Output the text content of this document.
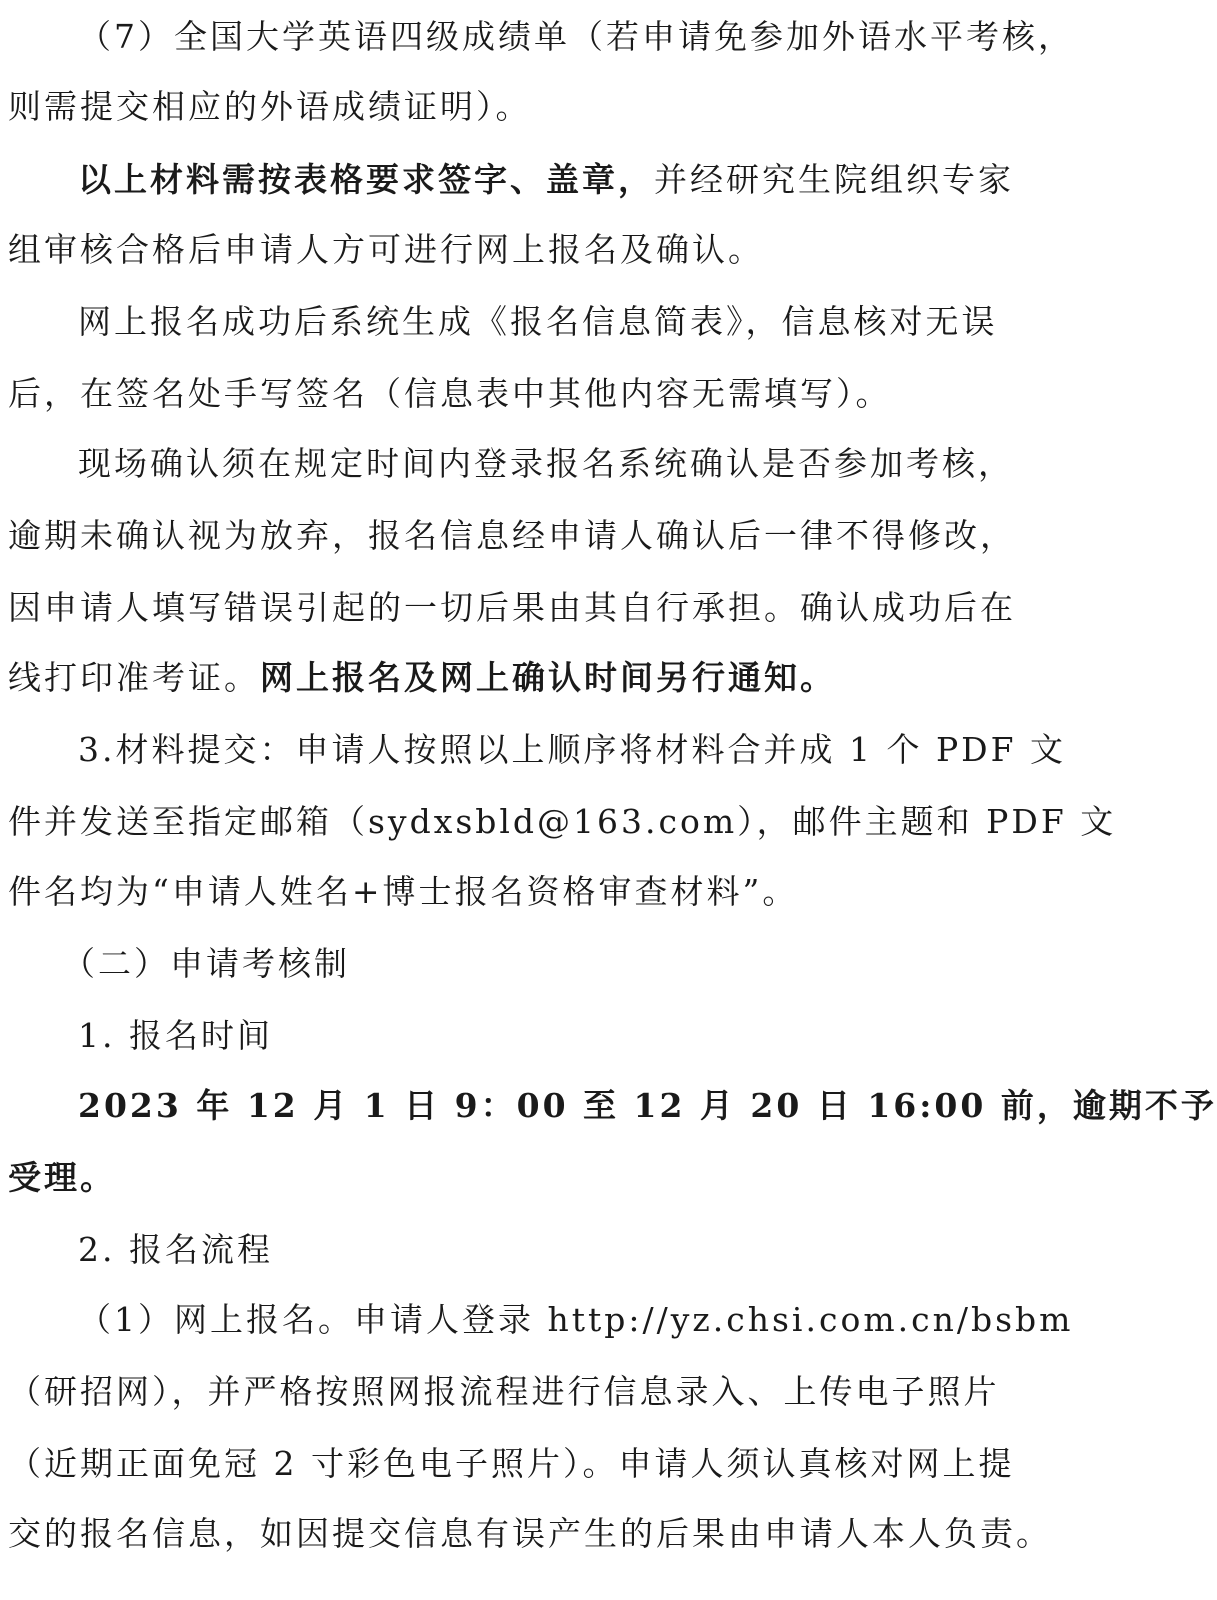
（7）全国大学英语四级成绩单（若申请免参加外语水平考核，
则需提交相应的外语成绩证明）。
以上材料需按表格要求签字、盖章，并经研究生院组织专家
组审核合格后申请人方可进行网上报名及确认。
网上报名成功后系统生成《报名信息简表》，信息核对无误
后，在签名处手写签名（信息表中其他内容无需填写）。
现场确认须在规定时间内登录报名系统确认是否参加考核，
逾期未确认视为放弃，报名信息经申请人确认后一律不得修改，
因申请人填写错误引起的一切后果由其自行承担。确认成功后在
线打印准考证。网上报名及网上确认时间另行通知。
3.材料提交：申请人按照以上顺序将材料合并成 1 个 PDF 文
件并发送至指定邮箱（sydxsbld@163.com），邮件主题和 PDF 文
件名均为“申请人姓名+博士报名资格审查材料”。
（二）申请考核制
1. 报名时间
2023 年 12 月 1 日 9：00 至 12 月 20 日 16:00 前，逾期不予
受理。
2. 报名流程
（1）网上报名。申请人登录 http://yz.chsi.com.cn/bsbm
（研招网），并严格按照网报流程进行信息录入、上传电子照片
（近期正面免冠 2 寸彩色电子照片）。申请人须认真核对网上提
交的报名信息，如因提交信息有误产生的后果由申请人本人负责。
